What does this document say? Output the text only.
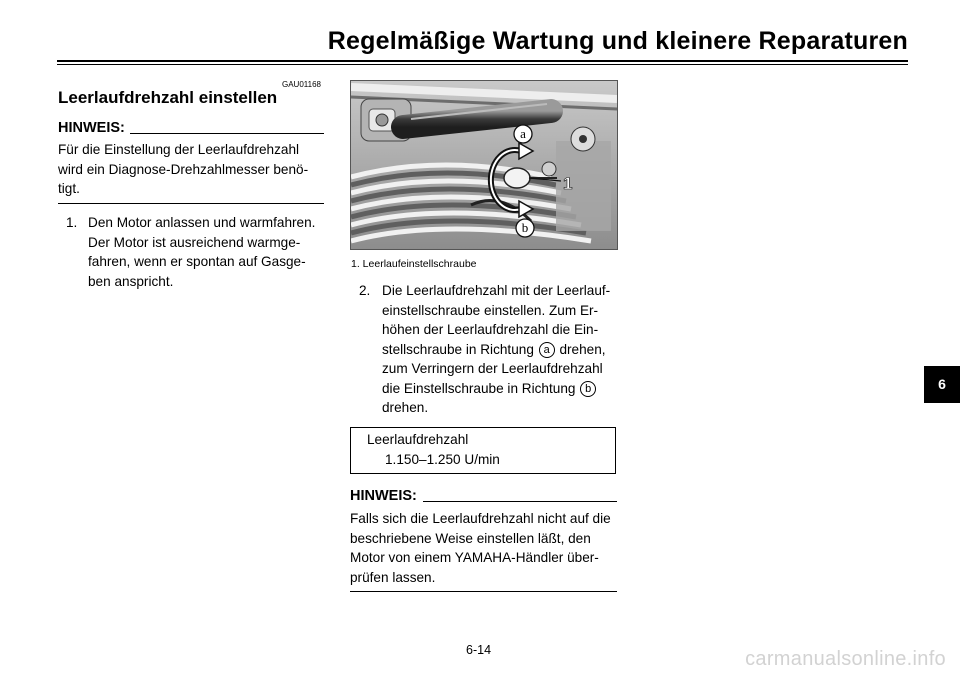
Regelmäßige Wartung und kleinere Reparaturen
GAU01168
Leerlaufdrehzahl einstellen
HINWEIS:
Für die Einstellung der Leerlaufdrehzahl
wird ein Diagnose-Drehzahlmesser benö-
tigt.
1. Den Motor anlassen und warmfahren.
Der Motor ist ausreichend warmge-
fahren, wenn er spontan auf Gasge-
ben anspricht.
a
b
1
1. Leerlaufeinstellschraube
2. Die Leerlaufdrehzahl mit der Leerlauf-
einstellschraube einstellen. Zum Er-
höhen der Leerlaufdrehzahl die Ein-
stellschraube in Richtung a drehen,
zum Verringern der Leerlaufdrehzahl
die Einstellschraube in Richtung b
drehen.
Leerlaufdrehzahl
1.150–1.250 U/min
HINWEIS:
Falls sich die Leerlaufdrehzahl nicht auf die
beschriebene Weise einstellen läßt, den
Motor von einem YAMAHA-Händler über-
prüfen lassen.
6
6-14	carmanualsonline.info
